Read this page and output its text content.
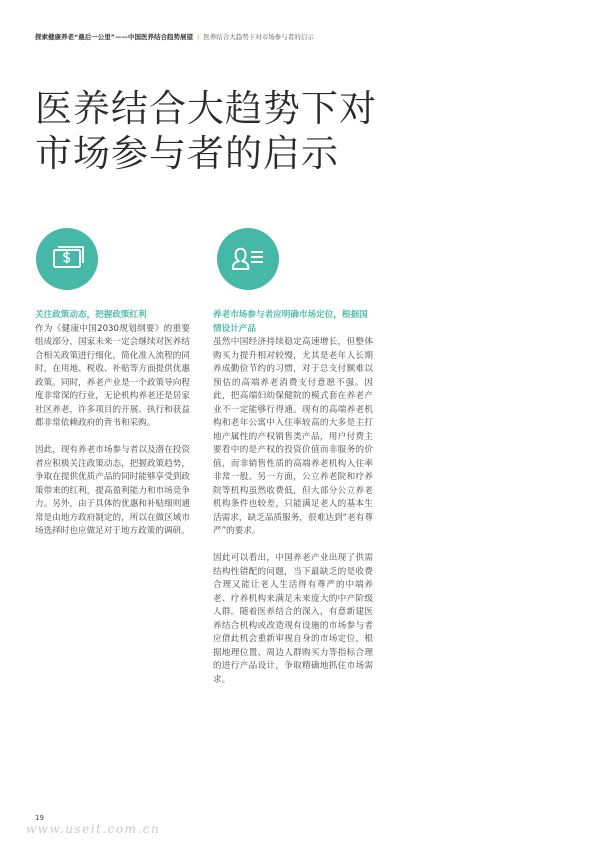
探索健康养老“最后一公里”——中国医养结合趋势展望 | 医养结合大趋势下对市场参与者的启示
医养结合大趋势下对
市场参与者的启示

关注政策动态，把握政策红利

作为《健康中国2030规划纲要》的重要组成部分，国家未来一定会继续对医养结合相关政策进行细化，简化准入流程的同时，在用地、税收、补贴等方面提供优惠政策。同时，养老产业是一个政策导向程度非常深的行业，无论机构养老还是居家社区养老，许多项目的开展、执行和获益都非常依赖政府的背书和采购。

因此，现有养老市场参与者以及潜在投资者应积极关注政策动态，把握政策趋势，争取在提供优质产品的同时能够享受到政策带来的红利，提高盈利能力和市场竞争力。另外，由于具体的优惠和补贴细则通常是由地方政府制定的，所以在做区域市场选择时也应做足对于地方政策的调研。

养老市场参与者应明确市场定位，根据国情设计产品

虽然中国经济持续稳定高速增长，但整体购买力提升相对较慢，尤其是老年人长期养成勤俭节约的习惯，对于总支付额难以预估的高端养老消费支付意愿不强。因此，把高端妇幼保健院的模式套在养老产业不一定能够行得通。现有的高端养老机构和老年公寓中入住率较高的大多是主打地产属性的产权销售类产品，用户付费主要看中的是产权的投资价值而非服务的价值，而非销售性质的高端养老机构入住率非常一般。另一方面，公立养老院和疗养院等机构虽然收费低，但大部分公立养老机构条件也较差，只能满足老人的基本生活需求，缺乏品质服务，很难达到“老有尊严”的要求。

因此可以看出，中国养老产业出现了供需结构性错配的问题，当下最缺乏的是收费合理又能让老人生活得有尊严的中端养老、疗养机构来满足未来庞大的中产阶级人群。随着医养结合的深入，有意新建医养结合机构或改造现有设施的市场参与者应借此机会重新审视自身的市场定位，根据地理位置、周边人群购买力等指标合理的进行产品设计，争取精确地抓住市场需求。

19
www.useit.com.cn
